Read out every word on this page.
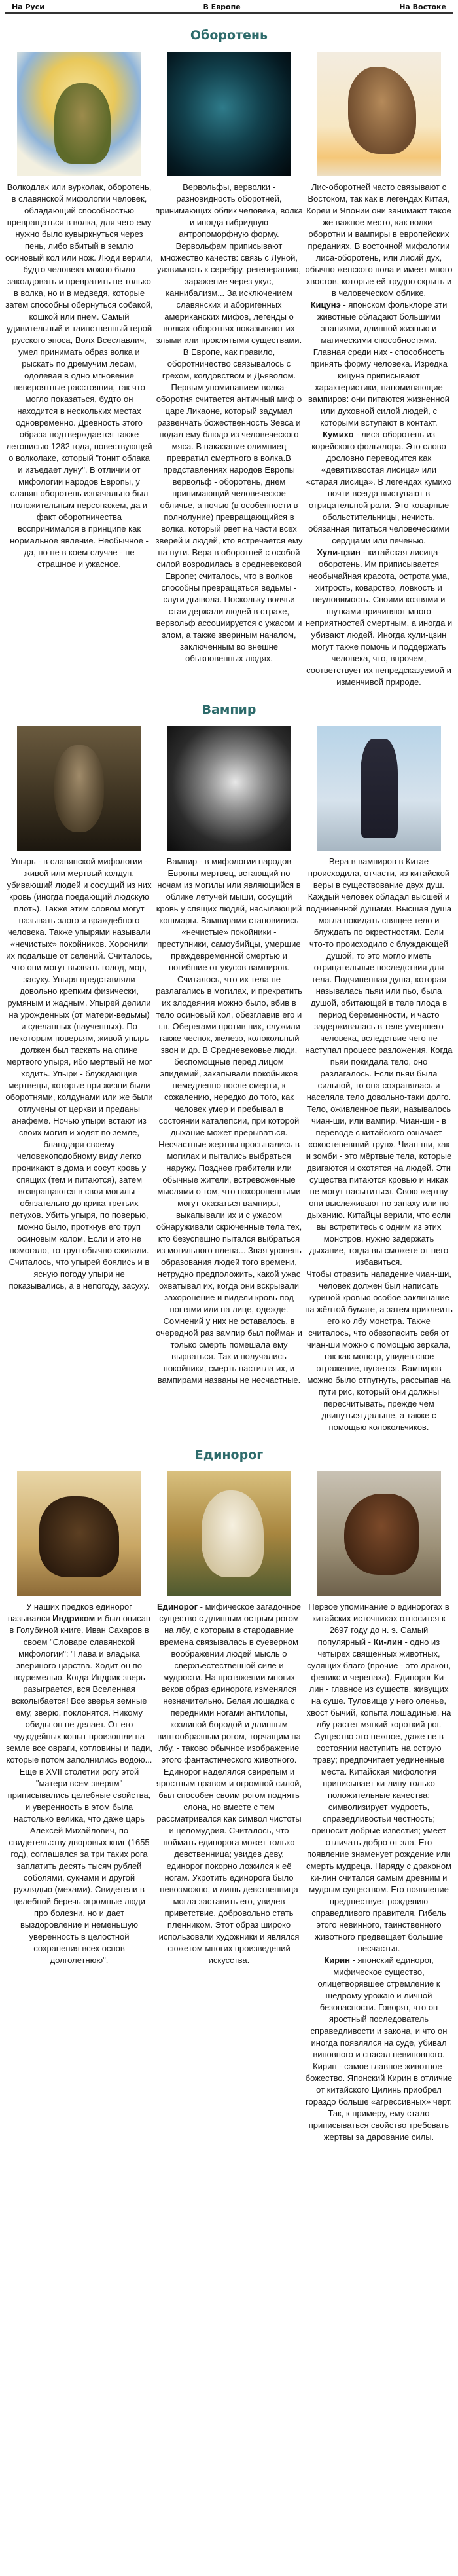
На Руси	В Европе	На Востоке
Оборотень
Волкодлак или вурколак, оборотень, в славянской мифологии человек, обладающий способностью превращаться в волка, для чего ему нужно было кувыркнуться через пень, либо вбитый в землю осиновый кол или нож. Люди верили, будто человека можно было заколдовать и превратить не только в волка, но и в медведя, которые затем способны обернуться собакой, кошкой или пнем. Самый удивительный и таинственный герой русского эпоса, Волх Всеславлич, умел принимать образ волка и рыскать по дремучим лесам, одолевая в одно мгновение невероятные расстояния, так что могло показаться, будто он находится в нескольких местах одновременно. Древность этого образа подтверждается также летописью 1282 года, повествующей о волколаке, который "гонит облака и изъедает луну". В отличии от мифологии народов Европы, у славян оборотень изначально был положительным персонажем, да и факт оборотничества воспринимался в принципе как нормальное явление. Необычное - да, но не в коем случае - не страшное и ужасное.
Вервольфы, верволки - разновидность оборотней, принимающих облик человека, волка и иногда гибридную антропоморфную форму. Вервольфам приписывают множество качеств: связь с Луной, уязвимость к серебру, регенерацию, заражение через укус, каннибализм... За исключением славянских и аборигенных американских мифов, легенды о волках-оборотнях показывают их злыми или проклятыми существами. В Европе, как правило, оборотничество связывалось с грехом, колдовством и Дьяволом. Первым упоминанием волка-оборотня считается античный миф о царе Ликаоне, который задумал развенчать божественность Зевса и подал ему блюдо из человеческого мяса. В наказание олимпиец превратил смертного в волка.В представлениях народов Европы вервольф - оборотень, днем принимающий человеческое обличье, а ночью (в особенности в полнолуние) превращающийся в волка, который рвет на части всех зверей и людей, кто встречается ему на пути. Вера в оборотней с особой силой возродилась в средневековой Европе; считалось, что в волков способны превращаться ведьмы - слуги дьявола. Поскольку волчьи стаи держали людей в страхе, вервольф ассоциируется с ужасом и злом, а также звериным началом, заключенным во внешне обыкновенных людях.
Лис-оборотней часто связывают с Востоком, так как в легендах Китая, Кореи и Японии они занимают такое же важное место, как волки-оборотни и вампиры в европейских преданиях. В восточной мифологии лиса-оборотень, или лисий дух, обычно женского пола и имеет много хвостов, которые ей трудно скрыть и в человеческом облике.
Кицунэ - японском фольклоре эти животные обладают большими знаниями, длинной жизнью и магическими способностями. Главная среди них - способность принять форму человека. Изредка кицунэ приписывают характеристики, напоминающие вампиров: они питаются жизненной или духовной силой людей, с которыми вступают в контакт.
Кумихо - лиса-оборотень из корейского фольклора. Это слово дословно переводится как «девятихвостая лисица» или «старая лисица». В легендах кумихо почти всегда выступают в отрицательной роли. Это коварные обольстительницы, нечисть, обязанная питаться человеческими сердцами или печенью.
Хули-цзин - китайская лисица-оборотень. Им приписывается необычайная красота, острота ума, хитрость, коварство, ловкость и неуловимость. Своими кознями и шутками причиняют много неприятностей смертным, а иногда и убивают людей. Иногда хули-цзин могут также помочь и поддержать человека, что, впрочем, соответствует их непредсказуемой и изменчивой природе.
Вампир
Упырь - в славянской мифологии - живой или мертвый колдун, убивающий людей и сосущий из них кровь (иногда поедающий людскую плоть). Также этим словом могут называть злого и враждебного человека. Также упырями называли «нечистых» покойников. Хоронили их подальше от селений. Считалось, что они могут вызвать голод, мор, засуху. Упыря представляли довольно крепким физически, румяным и жадным. Упырей делили на урожденных (от матери-ведьмы) и сделанных (наученных). По некоторым поверьям, живой упырь должен был таскать на спине мертвого упыря, ибо мертвый не мог ходить. Упыри - блуждающие мертвецы, которые при жизни были оборотнями, колдунами или же были отлучены от церкви и преданы анафеме. Ночью упыри встают из своих могил и ходят по земле, благодаря своему человекоподобному виду легко проникают в дома и сосут кровь у спящих (тем и питаются), затем возвращаются в свои могилы - обязательно до крика третьих петухов. Убить упыря, по поверью, можно было, проткнув его труп осиновым колом. Если и это не помогало, то труп обычно сжигали. Считалось, что упырей боялись и в ясную погоду упыри не показывались, а в непогоду, засуху.
Вампир - в мифологии народов Европы мертвец, встающий по ночам из могилы или являющийся в облике летучей мыши, сосущий кровь у спящих людей, насылающий кошмары. Вампирами становились «нечистые» покойники - преступники, самоубийцы, умершие преждевременной смертью и погибшие от укусов вампиров. Считалось, что их тела не разлагались в могилах, и прекратить их злодеяния можно было, вбив в тело осиновый кол, обезглавив его и т.п. Оберегами против них, служили также чеснок, железо, колокольный звон и др. В Средневековье люди, беспомощные перед лицом эпидемий, закапывали покойников немедленно после смерти, к сожалению, нередко до того, как человек умер и пребывал в состоянии каталепсии, при которой дыхание может прерываться. Несчастные жертвы просыпались в могилах и пытались выбраться наружу. Позднее грабители или обычные жители, встревоженные мыслями о том, что похороненными могут оказаться вампиры, выкапывали их и с ужасом обнаруживали скрюченные тела тех, кто безуспешно пытался выбраться из могильного плена... Зная уровень образования людей того времени, нетрудно предположить, какой ужас охватывал их, когда они вскрывали захоронение и видели кровь под ногтями или на лице, одежде. Сомнений у них не оставалось, в очередной раз вампир был пойман и только смерть помешала ему вырваться. Так и получались покойники, смерть настигла их, и вампирами названы не несчастные.
Вера в вампиров в Китае происходила, отчасти, из китайской веры в существование двух душ. Каждый человек обладал высшей и подчиненной душами. Высшая душа могла покидать спящее тело и блуждать по окрестностям. Если что-то происходило с блуждающей душой, то это могло иметь отрицательные последствия для тела. Подчиненная душа, которая называлась пьяи или пьо, была душой, обитающей в теле плода в период беременности, и часто задерживалась в теле умершего человека, вследствие чего не наступал процесс разложения. Когда пьяи покидала тело, оно разлагалось. Если пьяи была сильной, то она сохранялась и населяла тело довольно-таки долго. Тело, оживленное пьяи, называлось чиан-ши, или вампир. Чиан-ши - в переводе с китайского означает «окостеневший труп». Чиан-ши, как и зомби - это мёртвые тела, которые двигаются и охотятся на людей. Эти существа питаются кровью и никак не могут насытиться. Свою жертву они выслеживают по запаху или по дыханию. Китайцы верили, что если вы встретитесь с одним из этих монстров, нужно задержать дыхание, тогда вы сможете от него избавиться.
Чтобы отразить нападение чиан-ши, человек должен был написать куриной кровью особое заклинание на жёлтой бумаге, а затем приклеить его ко лбу монстра. Также считалось, что обезопасить себя от чиан-ши можно с помощью зеркала, так как монстр, увидев свое отражение, пугается. Вампиров можно было отпугнуть, рассыпав на пути рис, который они должны пересчитывать, прежде чем двинуться дальше, а также с помощью колокольчиков.
Единорог
У наших предков единорог назывался Индриком и был описан в Голубиной книге. Иван Сахаров в своем "Словаре славянской мифологии": "Глава и владыка звериного царства. Ходит он по подземелью. Когда Индрик-зверь разыграется, вся Вселенная всколыбается! Все зверья земные ему, зверю, поклонятся. Никому обиды он не делает. От его чудодейных копыт произошли на земле все овраги, котловины и пади, которые потом заполнились водою... Еще в XVII столетии рогу этой "матери всем зверям" приписывались целебные свойства, и уверенность в этом была настолько велика, что даже царь Алексей Михайлович, по свидетельству дворовых книг (1655 год), соглашался за три таких рога заплатить десять тысяч рублей соболями, сукнами и другой рухлядью (мехами). Свидетели в целебной беречь огромные люди про болезни, но и дает выздоровление и неменьшую уверенность в целостной сохранения всех основ долголетнюю".
Единорог - мифическое загадочное существо с длинным острым рогом на лбу, с которым в стародавние времена связывалась в суеверном воображении людей мысль о сверхъестественной силе и мудрости. На протяжении многих веков образ единорога изменялся незначительно. Белая лошадка с передними ногами антилопы, козлиной бородой и длинным винтообразным рогом, торчащим на лбу, - таково обычное изображение этого фантастического животного. Единорог наделялся свирепым и яростным нравом и огромной силой, был способен своим рогом поднять слона, но вместе с тем рассматривался как символ чистоты и целомудрия. Считалось, что поймать единорога может только девственница; увидев деву, единорог покорно ложился к её ногам. Укротить единорога было невозможно, и лишь девственница могла заставить его, увидев приветствие, добровольно стать пленником. Этот образ широко использовали художники и являлся сюжетом многих произведений искусства.
Первое упоминание о единорогах в китайских источниках относится к 2697 году до н. э. Самый популярный - Ки-лин - одно из четырех священных животных, сулящих благо (прочие - это дракон, феникс и черепаха). Единорог Ки-лин - главное из существ, живущих на суше. Туловище у него оленье, хвост бычий, копыта лошадиные, на лбу растет мягкий короткий рог. Существо это нежное, даже не в состоянии наступить на острую траву; предпочитает уединенные места. Китайская мифология приписывает ки-лину только положительные качества: символизирует мудрость, справедливостьи честность; приносит добрые известия; умеет отличать добро от зла. Его появление знаменует рождение или смерть мудреца. Наряду с драконом ки-лин считался самым древним и мудрым существом. Его появление предшествует рождению справедливого правителя. Гибель этого невинного, таинственного животного предвещает большие несчастья.
Кирин - японский единорог, мифическое существо, олицетворявшее стремление к щедрому урожаю и личной безопасности. Говорят, что он яростный последователь справедливости и закона, и что он иногда появлялся на суде, убивал виновного и спасал невиновного. Кирин - самое главное животное-божество. Японский Кирин в отличие от китайского Цилинь приобрел гораздо больше «агрессивных» черт. Так, к примеру, ему стало приписываться свойство требовать жертвы за дарование силы.
